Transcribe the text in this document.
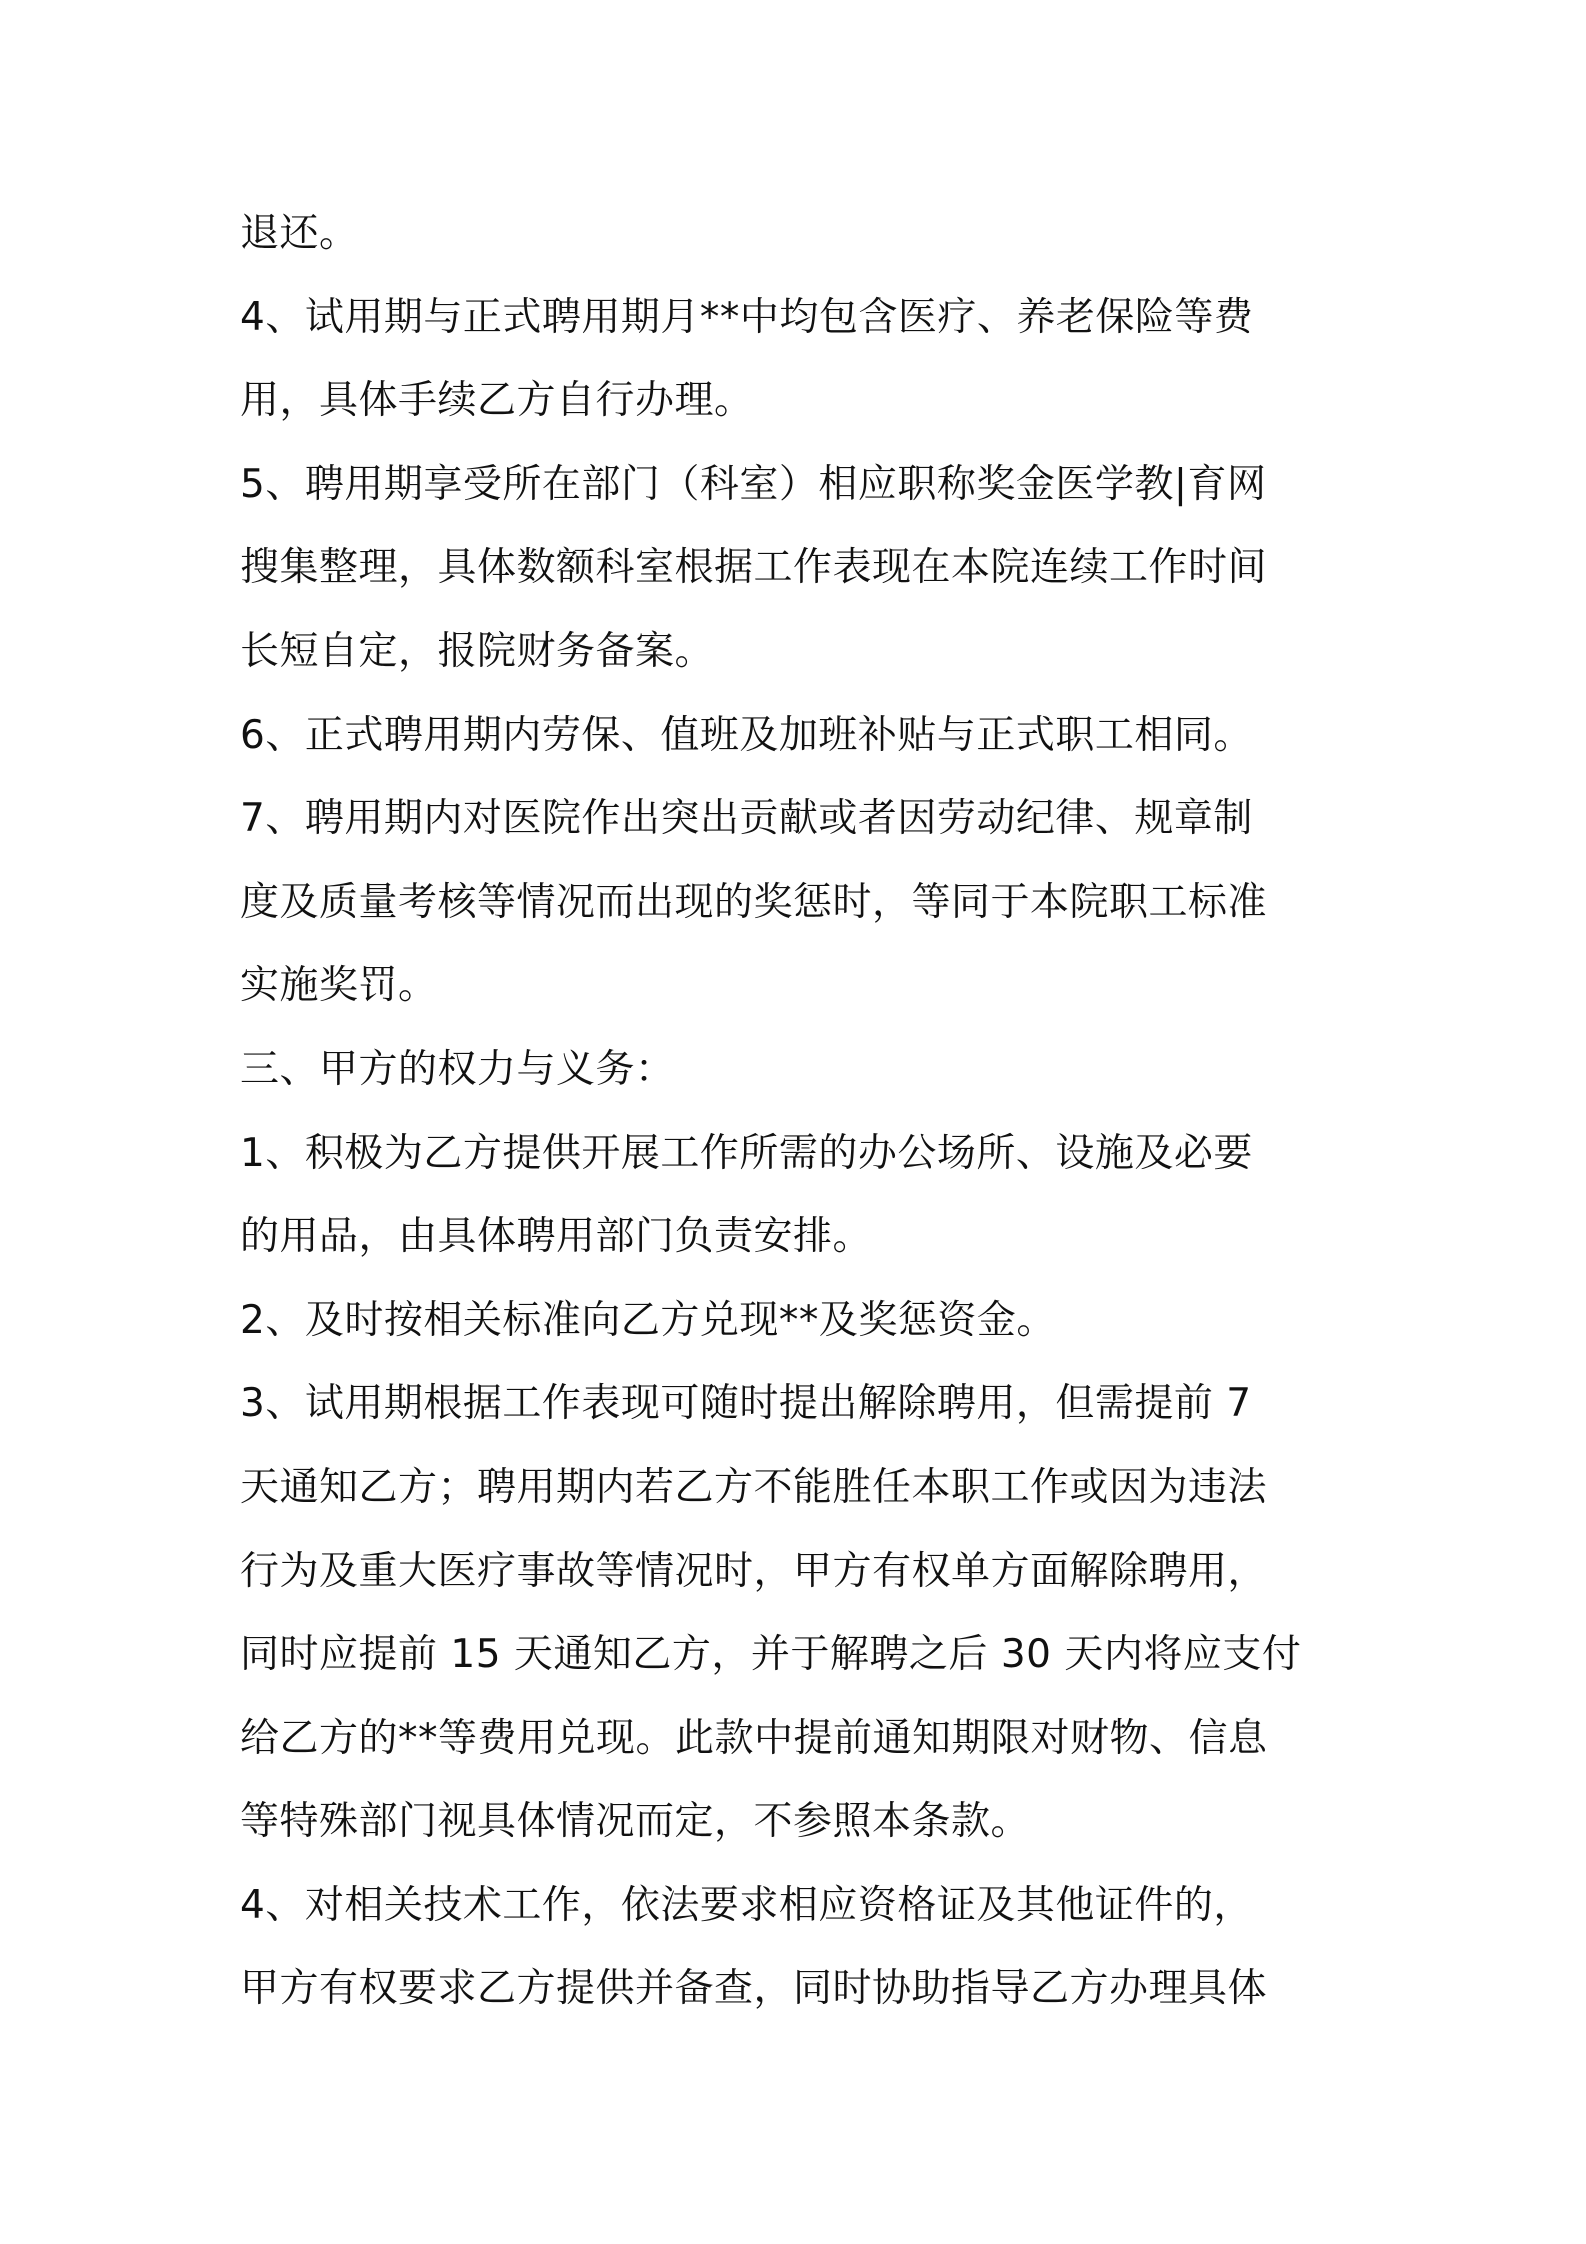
退还。
4、试用期与正式聘用期月**中均包含医疗、养老保险等费
用，具体手续乙方自行办理。
5、聘用期享受所在部门（科室）相应职称奖金医学教|育网
搜集整理，具体数额科室根据工作表现在本院连续工作时间
长短自定，报院财务备案。
6、正式聘用期内劳保、值班及加班补贴与正式职工相同。
7、聘用期内对医院作出突出贡献或者因劳动纪律、规章制
度及质量考核等情况而出现的奖惩时，等同于本院职工标准
实施奖罚。
三、甲方的权力与义务：
1、积极为乙方提供开展工作所需的办公场所、设施及必要
的用品，由具体聘用部门负责安排。
2、及时按相关标准向乙方兑现**及奖惩资金。
3、试用期根据工作表现可随时提出解除聘用，但需提前 7
天通知乙方；聘用期内若乙方不能胜任本职工作或因为违法
行为及重大医疗事故等情况时，甲方有权单方面解除聘用，
同时应提前 15 天通知乙方，并于解聘之后 30 天内将应支付
给乙方的**等费用兑现。此款中提前通知期限对财物、信息
等特殊部门视具体情况而定，不参照本条款。
4、对相关技术工作，依法要求相应资格证及其他证件的，
甲方有权要求乙方提供并备查，同时协助指导乙方办理具体
